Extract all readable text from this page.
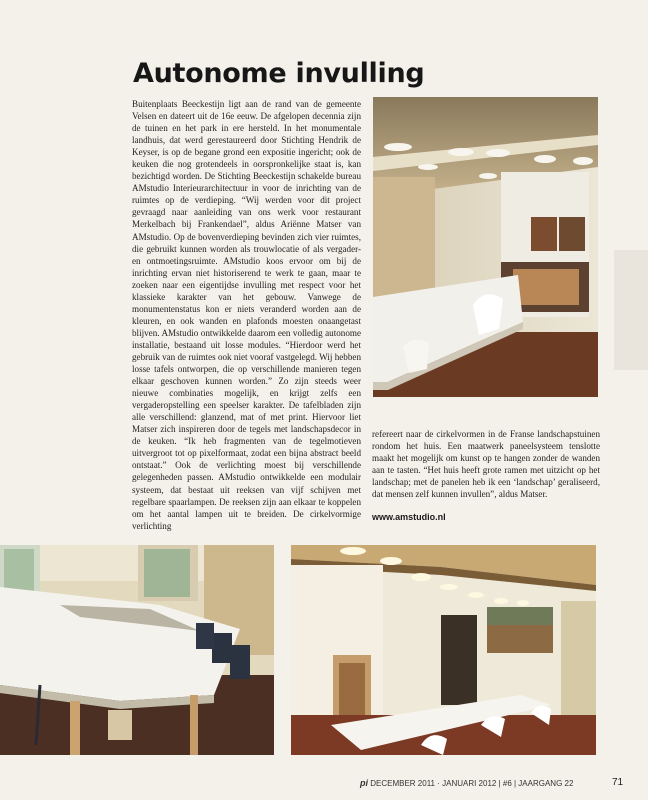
Autonome invulling

Buitenplaats Beeckestijn ligt aan de rand van de gemeente Velsen en dateert uit de 16e eeuw. De afgelopen decennia zijn de tuinen en het park in ere hersteld. In het monumentale landhuis, dat werd gerestaureerd door Stichting Hendrik de Keyser, is op de begane grond een expositie ingericht; ook de keuken die nog grotendeels in oorspronkelijke staat is, kan bezichtigd worden. De Stichting Beeckestijn schakelde bureau AMstudio Interieurarchitectuur in voor de inrichting van de ruimtes op de verdieping. “Wij werden voor dit project gevraagd naar aanleiding van ons werk voor restaurant Merkelbach bij Frankendael”, aldus Ariënne Matser van AMstudio. Op de bovenverdieping bevinden zich vier ruimtes, die gebruikt kunnen worden als trouwlocatie of als vergader- en ontmoetingsruimte. AMstudio koos ervoor om bij de inrichting ervan niet historiserend te werk te gaan, maar te zoeken naar een eigentijdse invulling met respect voor het klassieke karakter van het gebouw. Vanwege de monumentenstatus kon er niets veranderd worden aan de kleuren, en ook wanden en plafonds moesten onaangetast blijven. AMstudio ontwikkelde daarom een volledig autonome installatie, bestaand uit losse modules. “Hierdoor werd het gebruik van de ruimtes ook niet vooraf vastgelegd. Wij hebben losse tafels ontworpen, die op verschillende manieren tegen elkaar geschoven kunnen worden.” Zo zijn steeds weer nieuwe combinaties mogelijk, en krijgt zelfs een vergaderopstelling een speelser karakter. De tafelbladen zijn alle verschillend: glanzend, mat of met print. Hiervoor liet Matser zich inspireren door de tegels met landschapsdecor in de keuken. “Ik heb fragmenten van de tegelmotieven uitvergroot tot op pixelformaat, zodat een bijna abstract beeld ontstaat.” Ook de verlichting moest bij verschillende gelegenheden passen. AMstudio ontwikkelde een modulair systeem, dat bestaat uit reeksen van vijf schijven met regelbare spaarlampen. De reeksen zijn aan elkaar te koppelen om het aantal lampen uit te breiden. De cirkelvormige verlichting

refereert naar de cirkelvormen in de Franse landschapstuinen rondom het huis. Een maatwerk paneelsysteem tenslotte maakt het mogelijk om kunst op te hangen zonder de wanden aan te tasten. “Het huis heeft grote ramen met uitzicht op het landschap; met de panelen heb ik een ‘landschap’ geraliseerd, dat mensen zelf kunnen invullen”, aldus Matser.

www.amstudio.nl
pi DECEMBER 2011 · JANUARI 2012 | #6 | JAARGANG 22	71
